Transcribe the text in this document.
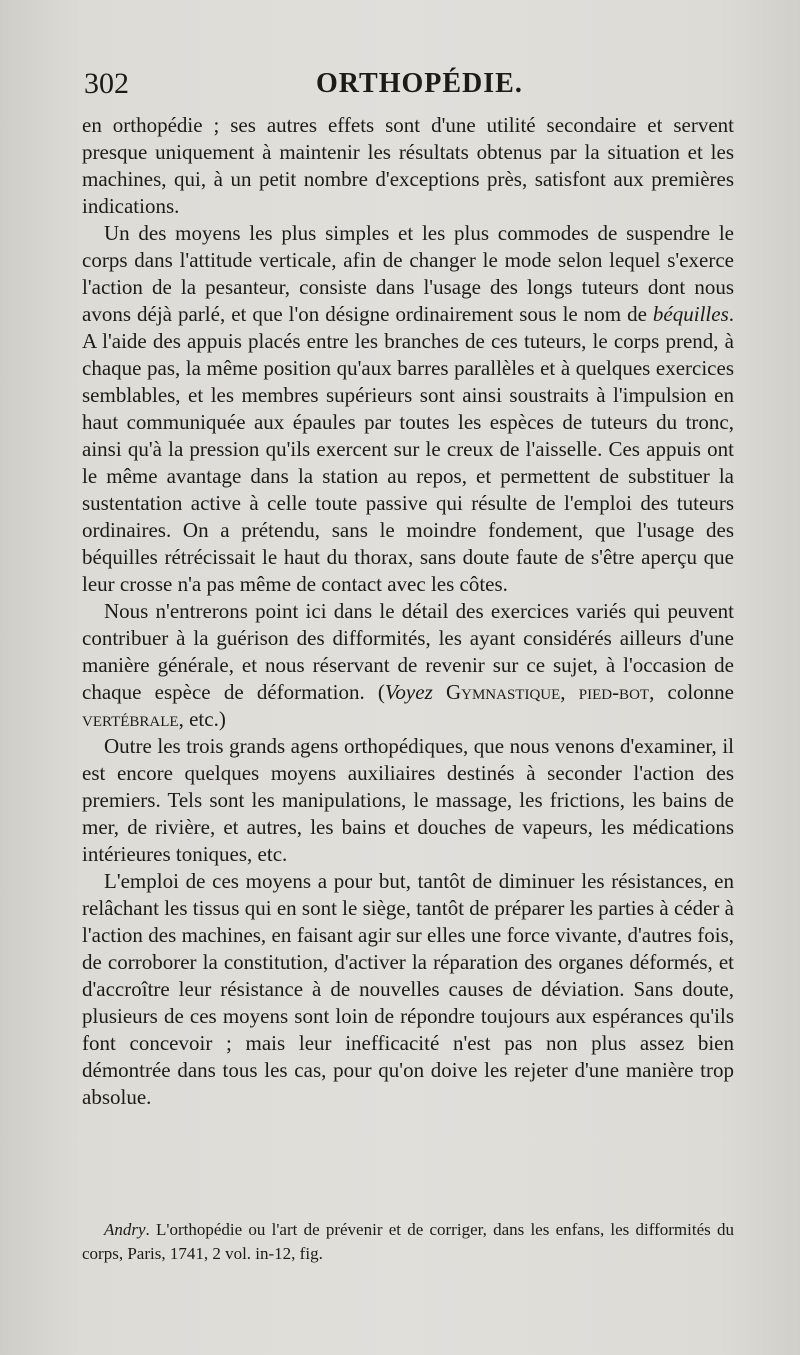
302	ORTHOPÉDIE.

en orthopédie ; ses autres effets sont d'une utilité secondaire et servent presque uniquement à maintenir les résultats obtenus par la situation et les machines, qui, à un petit nombre d'exceptions près, satisfont aux premières indications.

Un des moyens les plus simples et les plus commodes de suspendre le corps dans l'attitude verticale, afin de changer le mode selon lequel s'exerce l'action de la pesanteur, consiste dans l'usage des longs tuteurs dont nous avons déjà parlé, et que l'on désigne ordinairement sous le nom de béquilles. A l'aide des appuis placés entre les branches de ces tuteurs, le corps prend, à chaque pas, la même position qu'aux barres parallèles et à quelques exercices semblables, et les membres supérieurs sont ainsi soustraits à l'impulsion en haut communiquée aux épaules par toutes les espèces de tuteurs du tronc, ainsi qu'à la pression qu'ils exercent sur le creux de l'aisselle. Ces appuis ont le même avantage dans la station au repos, et permettent de substituer la sustentation active à celle toute passive qui résulte de l'emploi des tuteurs ordinaires. On a prétendu, sans le moindre fondement, que l'usage des béquilles rétrécissait le haut du thorax, sans doute faute de s'être aperçu que leur crosse n'a pas même de contact avec les côtes.

Nous n'entrerons point ici dans le détail des exercices variés qui peuvent contribuer à la guérison des difformités, les ayant considérés ailleurs d'une manière générale, et nous réservant de revenir sur ce sujet, à l'occasion de chaque espèce de déformation. (Voyez Gymnastique, pied-bot, colonne vertébrale, etc.)

Outre les trois grands agens orthopédiques, que nous venons d'examiner, il est encore quelques moyens auxiliaires destinés à seconder l'action des premiers. Tels sont les manipulations, le massage, les frictions, les bains de mer, de rivière, et autres, les bains et douches de vapeurs, les médications intérieures toniques, etc.

L'emploi de ces moyens a pour but, tantôt de diminuer les résistances, en relâchant les tissus qui en sont le siège, tantôt de préparer les parties à céder à l'action des machines, en faisant agir sur elles une force vivante, d'autres fois, de corroborer la constitution, d'activer la réparation des organes déformés, et d'accroître leur résistance à de nouvelles causes de déviation. Sans doute, plusieurs de ces moyens sont loin de répondre toujours aux espérances qu'ils font concevoir ; mais leur inefficacité n'est pas non plus assez bien démontrée dans tous les cas, pour qu'on doive les rejeter d'une manière trop absolue.

Andry. L'orthopédie ou l'art de prévenir et de corriger, dans les enfans, les difformités du corps, Paris, 1741, 2 vol. in-12, fig.
